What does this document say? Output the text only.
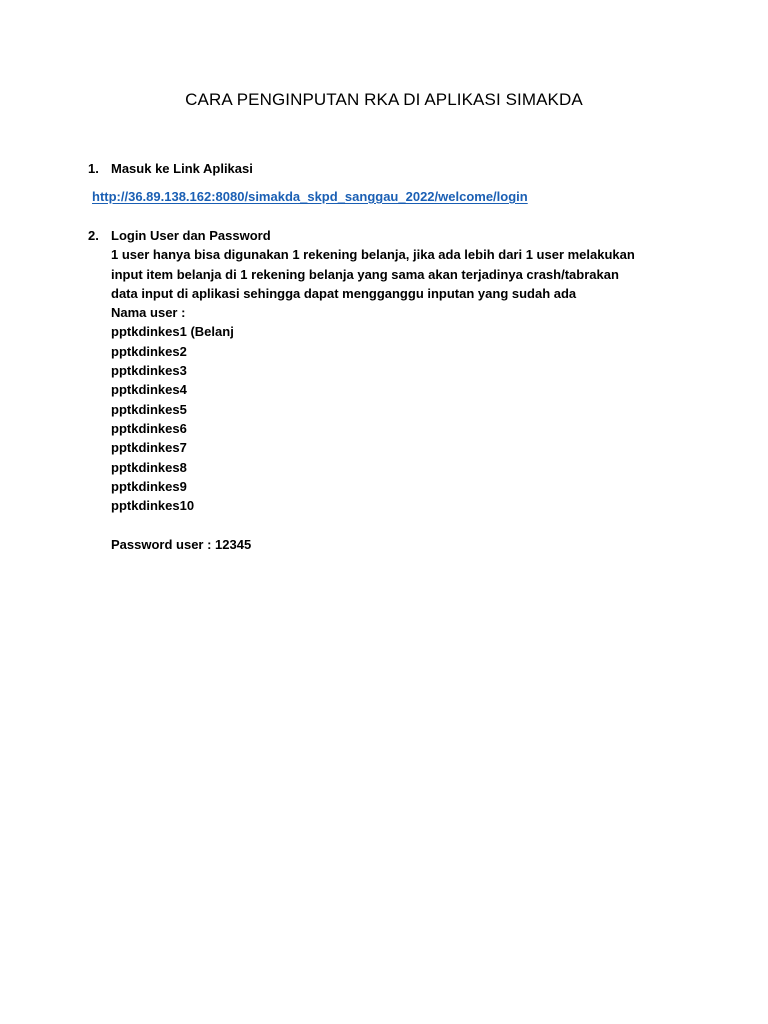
CARA PENGINPUTAN RKA DI APLIKASI SIMAKDA
1. Masuk ke Link Aplikasi
http://36.89.138.162:8080/simakda_skpd_sanggau_2022/welcome/login
2. Login User dan Password
1 user hanya bisa digunakan 1 rekening belanja, jika ada lebih dari 1 user melakukan
input item belanja di 1 rekening belanja yang sama akan terjadinya crash/tabrakan
data input di aplikasi sehingga dapat mengganggu inputan yang sudah ada
Nama user :
pptkdinkes1 (Belanj
pptkdinkes2
pptkdinkes3
pptkdinkes4
pptkdinkes5
pptkdinkes6
pptkdinkes7
pptkdinkes8
pptkdinkes9
pptkdinkes10
Password user : 12345
